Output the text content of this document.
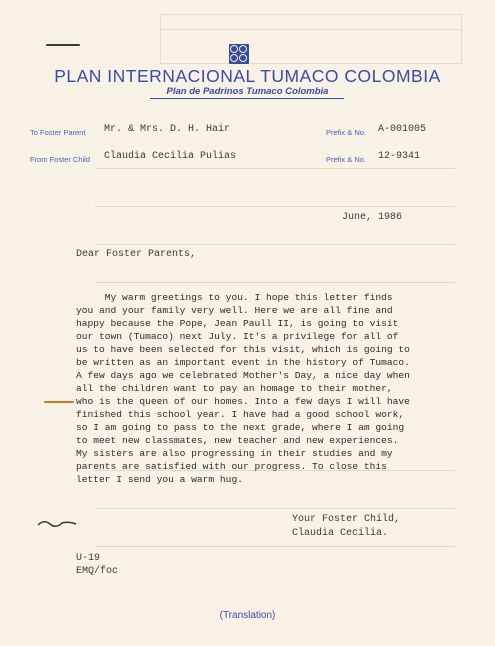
PLAN INTERNACIONAL TUMACO COLOMBIA
Plan de Padrinos Tumaco Colombia
To Foster Parent Mr. & Mrs. D. H. Hair	Prefix & No. A-001005
From Foster Child Claudia Cecilia Pulias	Prefix & No. 12-9341
June, 1986
Dear Foster Parents,
My warm greetings to you. I hope this letter finds
you and your family very well. Here we are all fine and
happy because the Pope, Jean Paull II, is going to visit
our town (Tumaco) next July. It's a privilege for all of
us to have been selected for this visit, which is going to
be written as an important event in the history of Tumaco.
A few days ago we celebrated Mother's Day, a nice day when
all the children want to pay an homage to their mother,
who is the queen of our homes. Into a few days I will have
finished this school year. I have had a good school work,
so I am going to pass to the next grade, where I am going
to meet new classmates, new teacher and new experiences.
My sisters are also progressing in their studies and my
parents are satisfied with our progress. To close this
letter I send you a warm hug.
Your Foster Child,
Claudia Cecilia.
U-19
EMQ/foc
(Translation)
